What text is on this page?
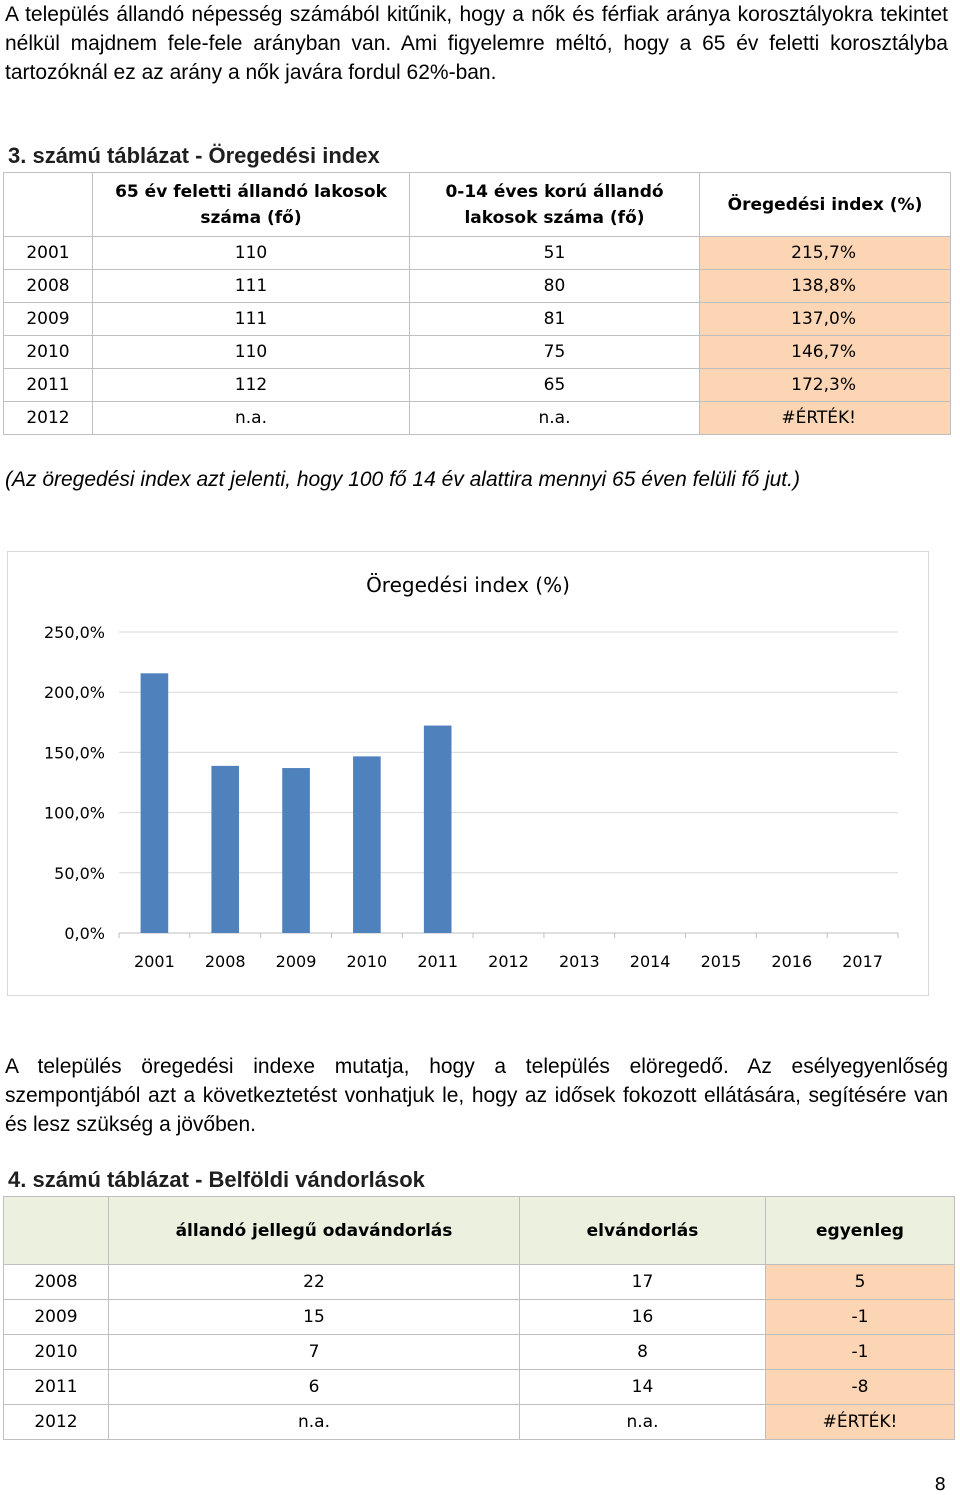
A település állandó népesség számából kitűnik, hogy a nők és férfiak aránya korosztályokra tekintet nélkül majdnem fele-fele arányban van. Ami figyelemre méltó, hogy a 65 év feletti korosztályba tartozóknál ez az arány a nők javára fordul 62%-ban.

3. számú táblázat - Öregedési index
	65 év feletti állandó lakosok száma (fő)	0-14 éves korú állandó lakosok száma (fő)	Öregedési index (%)
2001	110	51	215,7%
2008	111	80	138,8%
2009	111	81	137,0%
2010	110	75	146,7%
2011	112	65	172,3%
2012	n.a.	n.a.	#ÉRTÉK!

(Az öregedési index azt jelenti, hogy 100 fő 14 év alattira mennyi 65 éven felüli fő jut.)

Öregedési index (%)
0,0%
50,0%
100,0%
150,0%
200,0%
250,0%
2001 2008 2009 2010 2011 2012 2013 2014 2015 2016 2017

A település öregedési indexe mutatja, hogy a település elöregedő. Az esélyegyenlőség szempontjából azt a következtetést vonhatjuk le, hogy az idősek fokozott ellátására, segítésére van és lesz szükség a jövőben.

4. számú táblázat - Belföldi vándorlások
	állandó jellegű odavándorlás	elvándorlás	egyenleg
2008	22	17	5
2009	15	16	-1
2010	7	8	-1
2011	6	14	-8
2012	n.a.	n.a.	#ÉRTÉK!
8
